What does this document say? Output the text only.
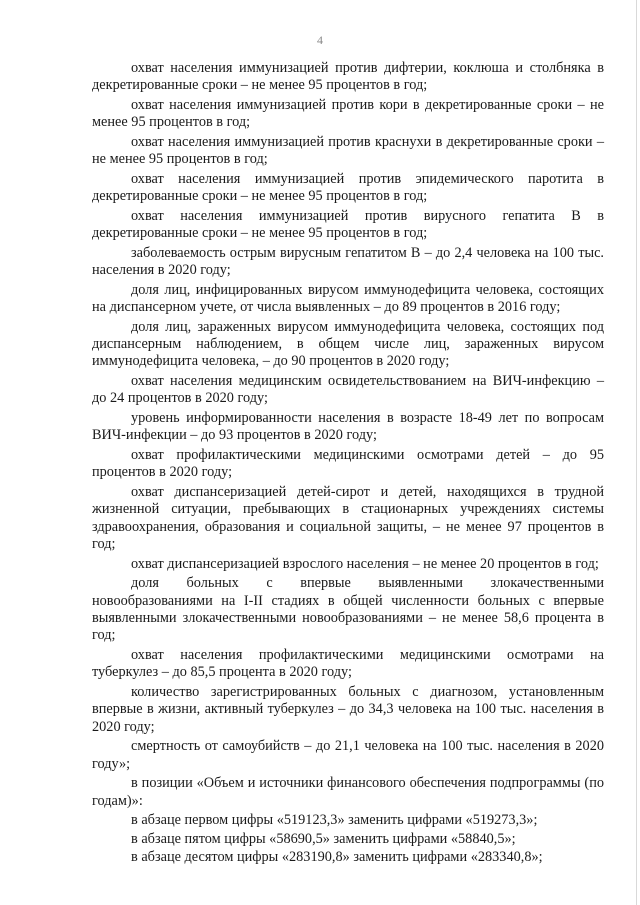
4

охват населения иммунизацией против дифтерии, коклюша и столбняка в декретированные сроки – не менее 95 процентов в год;

охват населения иммунизацией против кори в декретированные сроки – не менее 95 процентов в год;

охват населения иммунизацией против краснухи в декретированные сроки – не менее 95 процентов в год;

охват населения иммунизацией против эпидемического паротита в декретированные сроки – не менее 95 процентов в год;

охват населения иммунизацией против вирусного гепатита В в декретированные сроки – не менее 95 процентов в год;

заболеваемость острым вирусным гепатитом В – до 2,4 человека на 100 тыс. населения в 2020 году;

доля лиц, инфицированных вирусом иммунодефицита человека, состоящих на диспансерном учете, от числа выявленных – до 89 процентов в 2016 году;

доля лиц, зараженных вирусом иммунодефицита человека, состоящих под диспансерным наблюдением, в общем числе лиц, зараженных вирусом иммунодефицита человека, – до 90 процентов в 2020 году;

охват населения медицинским освидетельствованием на ВИЧ-инфекцию – до 24 процентов в 2020 году;

уровень информированности населения в возрасте 18-49 лет по вопросам ВИЧ-инфекции – до 93 процентов в 2020 году;

охват профилактическими медицинскими осмотрами детей – до 95 процентов в 2020 году;

охват диспансеризацией детей-сирот и детей, находящихся в трудной жизненной ситуации, пребывающих в стационарных учреждениях системы здравоохранения, образования и социальной защиты, – не менее 97 процентов в год;

охват диспансеризацией взрослого населения – не менее 20 процентов в год;

доля больных с впервые выявленными злокачественными новообразованиями на I-II стадиях в общей численности больных с впервые выявленными злокачественными новообразованиями – не менее 58,6 процента в год;

охват населения профилактическими медицинскими осмотрами на туберкулез – до 85,5 процента в 2020 году;

количество зарегистрированных больных с диагнозом, установленным впервые в жизни, активный туберкулез – до 34,3 человека на 100 тыс. населения в 2020 году;

смертность от самоубийств – до 21,1 человека на 100 тыс. населения в 2020 году»;

в позиции «Объем и источники финансового обеспечения подпрограммы (по годам)»:

в абзаце первом цифры «519123,3» заменить цифрами «519273,3»;

в абзаце пятом цифры «58690,5» заменить цифрами «58840,5»;

в абзаце десятом цифры «283190,8» заменить цифрами «283340,8»;
